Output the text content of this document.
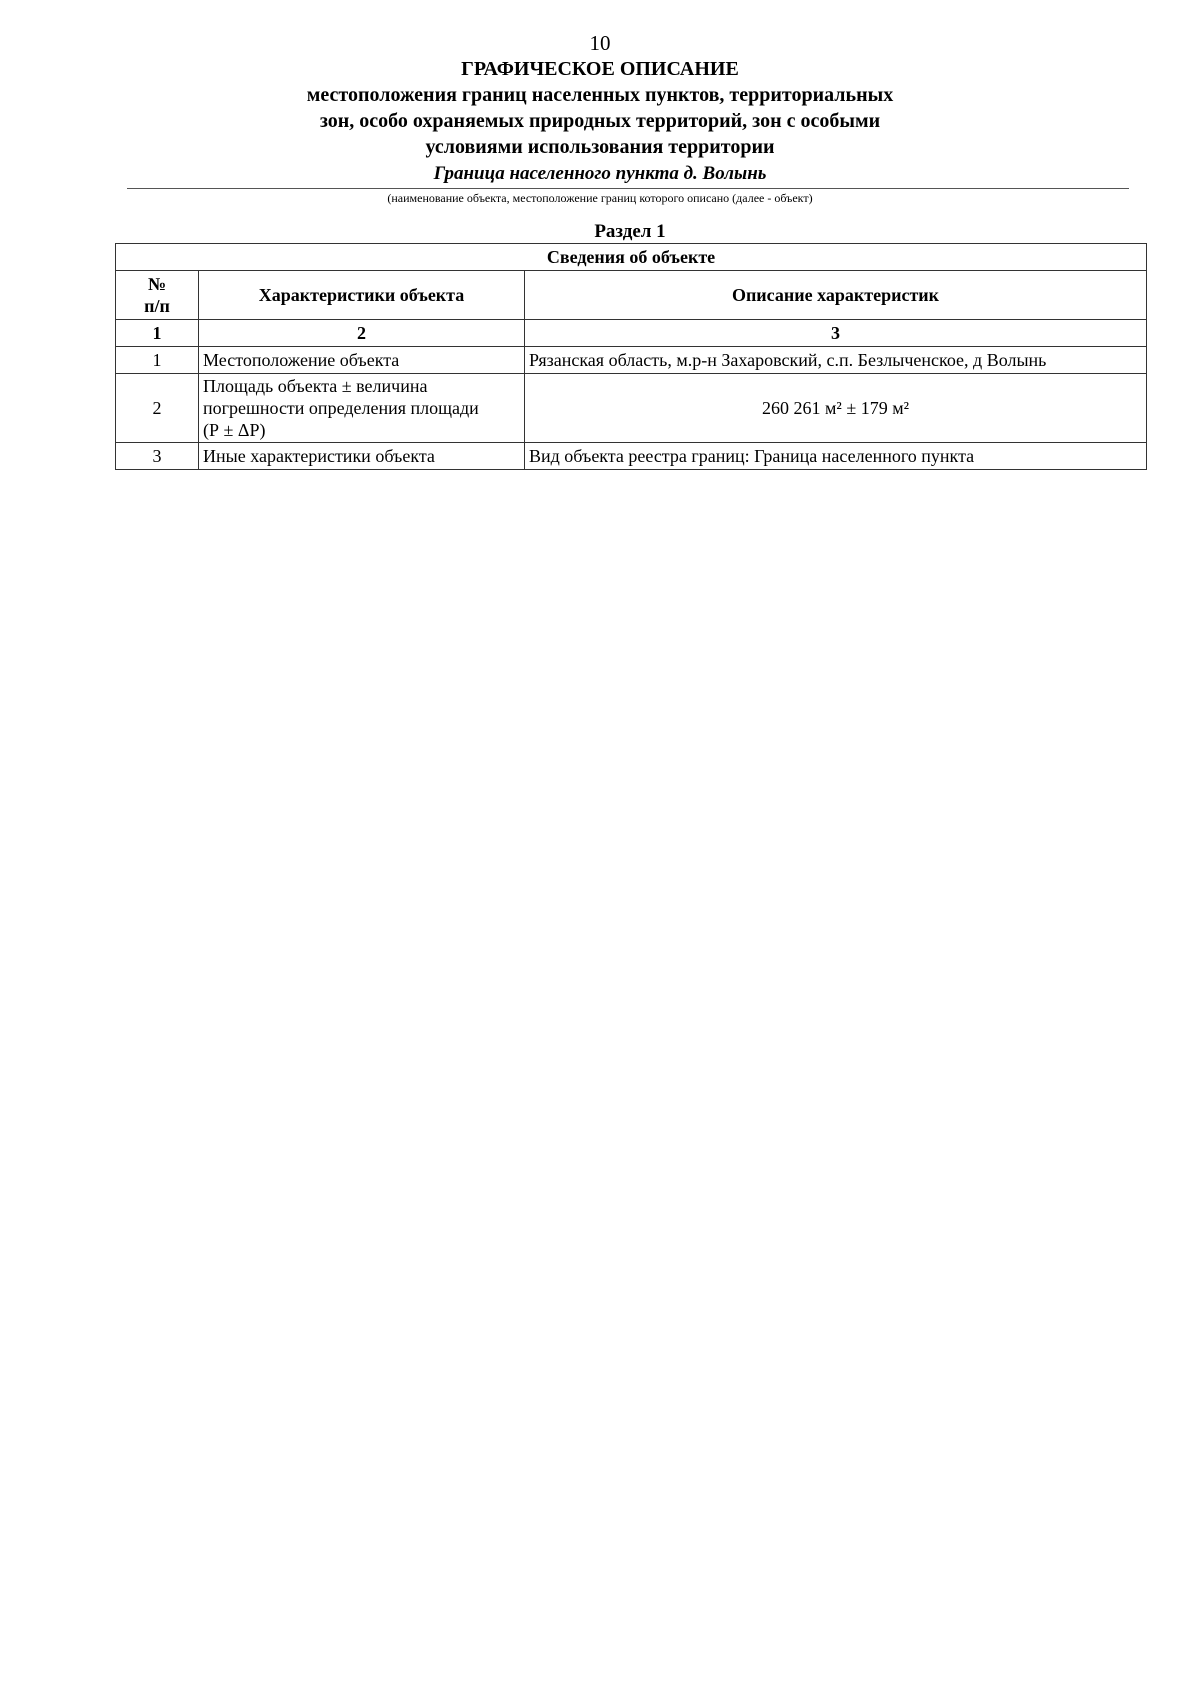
10
ГРАФИЧЕСКОЕ ОПИСАНИЕ
местоположения границ населенных пунктов, территориальных
зон, особо охраняемых природных территорий, зон с особыми
условиями использования территории
Граница населенного пункта д. Волынь
(наименование объекта, местоположение границ которого описано (далее - объект)
Раздел 1
Сведения об объекте		

№
п/п	Характеристики объекта	Описание характеристик
1	2	3
1	Местоположение объекта	Рязанская область, м.р-н Захаровский, с.п. Безлыченское, д Волынь
2	Площадь объекта ± величина
погрешности определения площади
(Р ± ΔР)	260 261 м² ± 179 м²
3	Иные характеристики объекта	Вид объекта реестра границ: Граница населенного пункта
